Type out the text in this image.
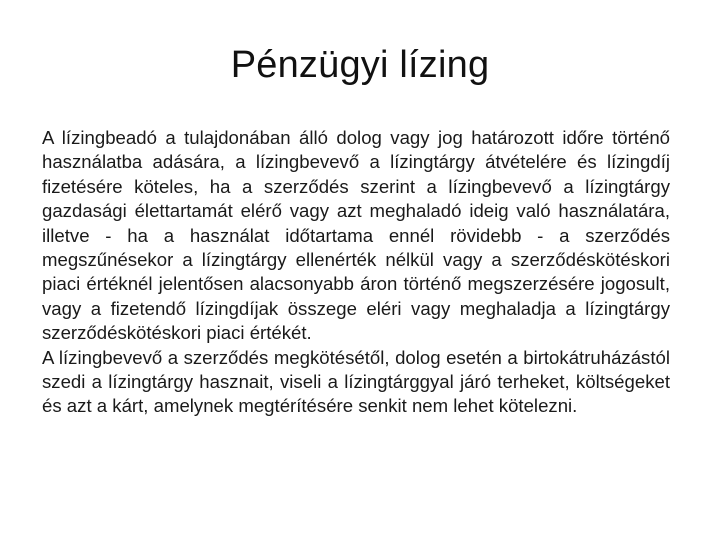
Pénzügyi lízing

A lízingbeadó a tulajdonában álló dolog vagy jog határozott időre történő használatba adására, a lízingbevevő a lízingtárgy átvételére és lízingdíj fizetésére köteles, ha a szerződés szerint a lízingbevevő a lízingtárgy gazdasági élettartamát elérő vagy azt meghaladó ideig való használatára, illetve - ha a használat időtartama ennél rövidebb - a szerződés megszűnésekor a lízingtárgy ellenérték nélkül vagy a szerződéskötéskori piaci értéknél jelentősen alacsonyabb áron történő megszerzésére jogosult, vagy a fizetendő lízingdíjak összege eléri vagy meghaladja a lízingtárgy szerződéskötéskori piaci értékét.

A lízingbevevő a szerződés megkötésétől, dolog esetén a birtokátruházástól szedi a lízingtárgy hasznait, viseli a lízingtárggyal járó terheket, költségeket és azt a kárt, amelynek megtérítésére senkit nem lehet kötelezni.
